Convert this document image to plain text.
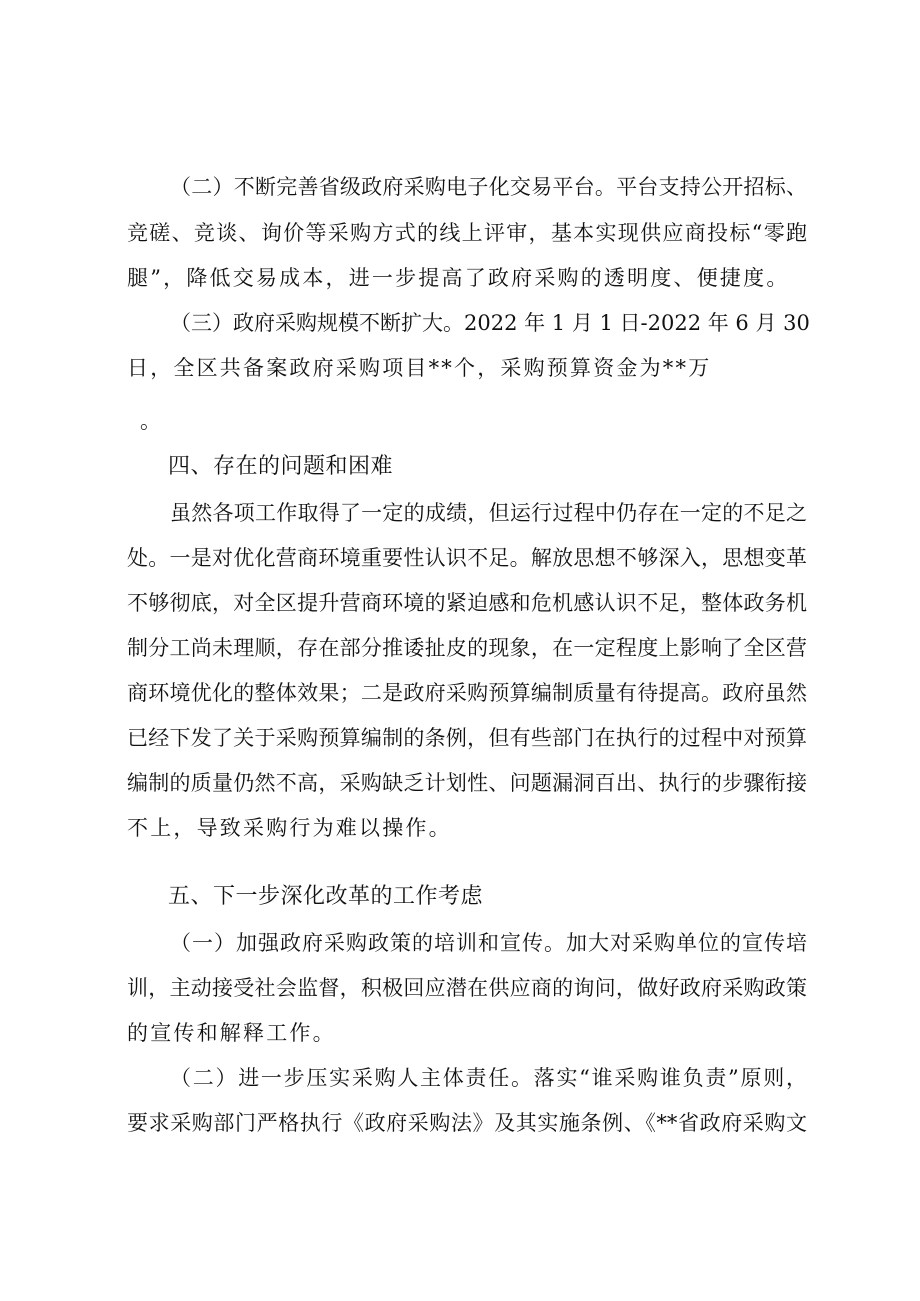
（二）不断完善省级政府采购电子化交易平台。平台支持公开招标、
竞磋、竞谈、询价等采购方式的线上评审，基本实现供应商投标“零跑
腿”，降低交易成本，进一步提高了政府采购的透明度、便捷度。
（三）政府采购规模不断扩大。2022 年 1 月 1 日-2022 年 6 月 30
日，全区共备案政府采购项目**个，采购预算资金为**万
。
四、存在的问题和困难
虽然各项工作取得了一定的成绩，但运行过程中仍存在一定的不足之
处。一是对优化营商环境重要性认识不足。解放思想不够深入，思想变革
不够彻底，对全区提升营商环境的紧迫感和危机感认识不足，整体政务机
制分工尚未理顺，存在部分推诿扯皮的现象，在一定程度上影响了全区营
商环境优化的整体效果；二是政府采购预算编制质量有待提高。政府虽然
已经下发了关于采购预算编制的条例，但有些部门在执行的过程中对预算
编制的质量仍然不高，采购缺乏计划性、问题漏洞百出、执行的步骤衔接
不上，导致采购行为难以操作。
五、下一步深化改革的工作考虑
（一）加强政府采购政策的培训和宣传。加大对采购单位的宣传培
训，主动接受社会监督，积极回应潜在供应商的询问，做好政府采购政策
的宣传和解释工作。
（二）进一步压实采购人主体责任。落实“谁采购谁负责”原则，
要求采购部门严格执行《政府采购法》及其实施条例、《**省政府采购文
